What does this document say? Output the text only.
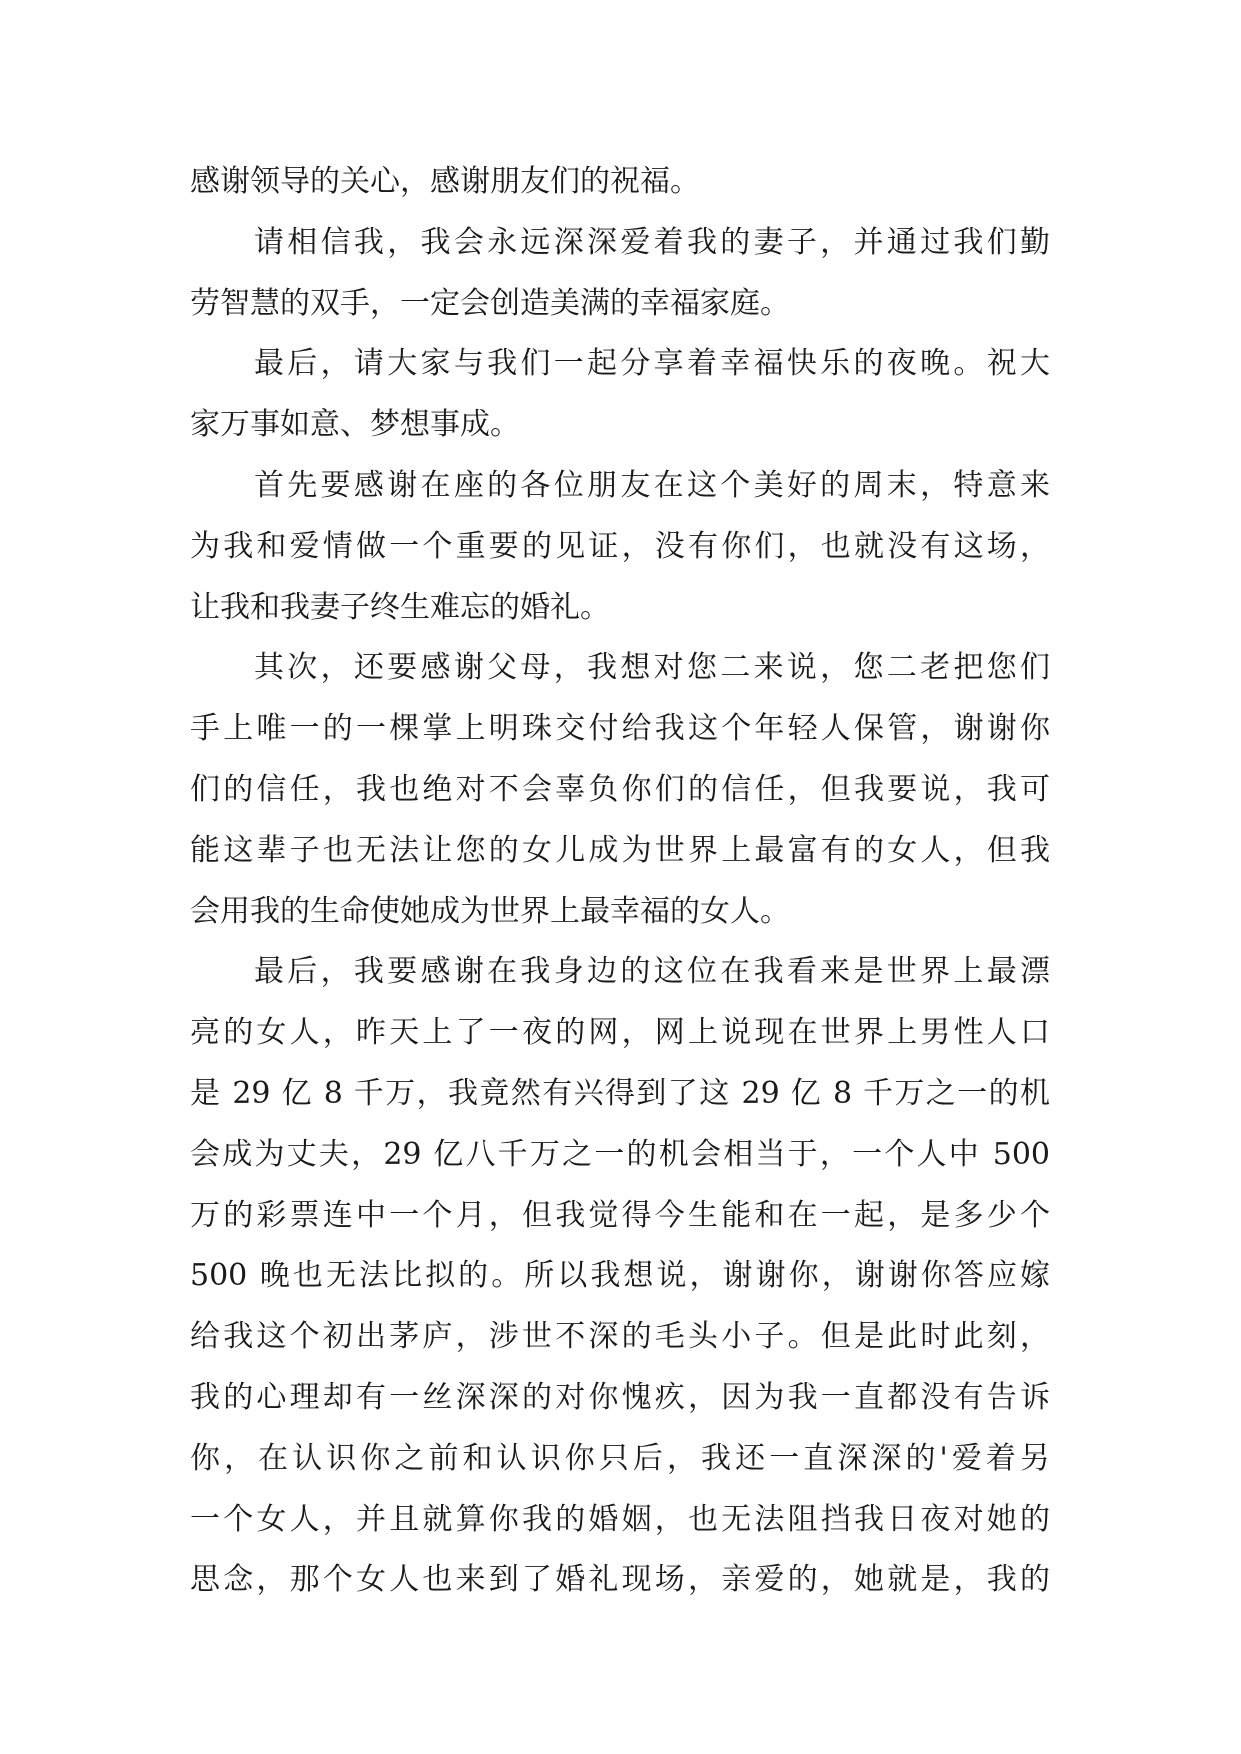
感谢领导的关心，感谢朋友们的祝福。
请相信我，我会永远深深爱着我的妻子，并通过我们勤
劳智慧的双手，一定会创造美满的幸福家庭。
最后，请大家与我们一起分享着幸福快乐的夜晚。祝大
家万事如意、梦想事成。
首先要感谢在座的各位朋友在这个美好的周末，特意来
为我和爱情做一个重要的见证，没有你们，也就没有这场，
让我和我妻子终生难忘的婚礼。
其次，还要感谢父母，我想对您二来说，您二老把您们
手上唯一的一棵掌上明珠交付给我这个年轻人保管，谢谢你
们的信任，我也绝对不会辜负你们的信任，但我要说，我可
能这辈子也无法让您的女儿成为世界上最富有的女人，但我
会用我的生命使她成为世界上最幸福的女人。
最后，我要感谢在我身边的这位在我看来是世界上最漂
亮的女人，昨天上了一夜的网，网上说现在世界上男性人口
是 29 亿 8 千万，我竟然有兴得到了这 29 亿 8 千万之一的机
会成为丈夫，29 亿八千万之一的机会相当于，一个人中 500
万的彩票连中一个月，但我觉得今生能和在一起，是多少个
500 晚也无法比拟的。所以我想说，谢谢你，谢谢你答应嫁
给我这个初出茅庐，涉世不深的毛头小子。但是此时此刻，
我的心理却有一丝深深的对你愧疚，因为我一直都没有告诉
你，在认识你之前和认识你只后，我还一直深深的'爱着另
一个女人，并且就算你我的婚姻，也无法阻挡我日夜对她的
思念，那个女人也来到了婚礼现场，亲爱的，她就是，我的
